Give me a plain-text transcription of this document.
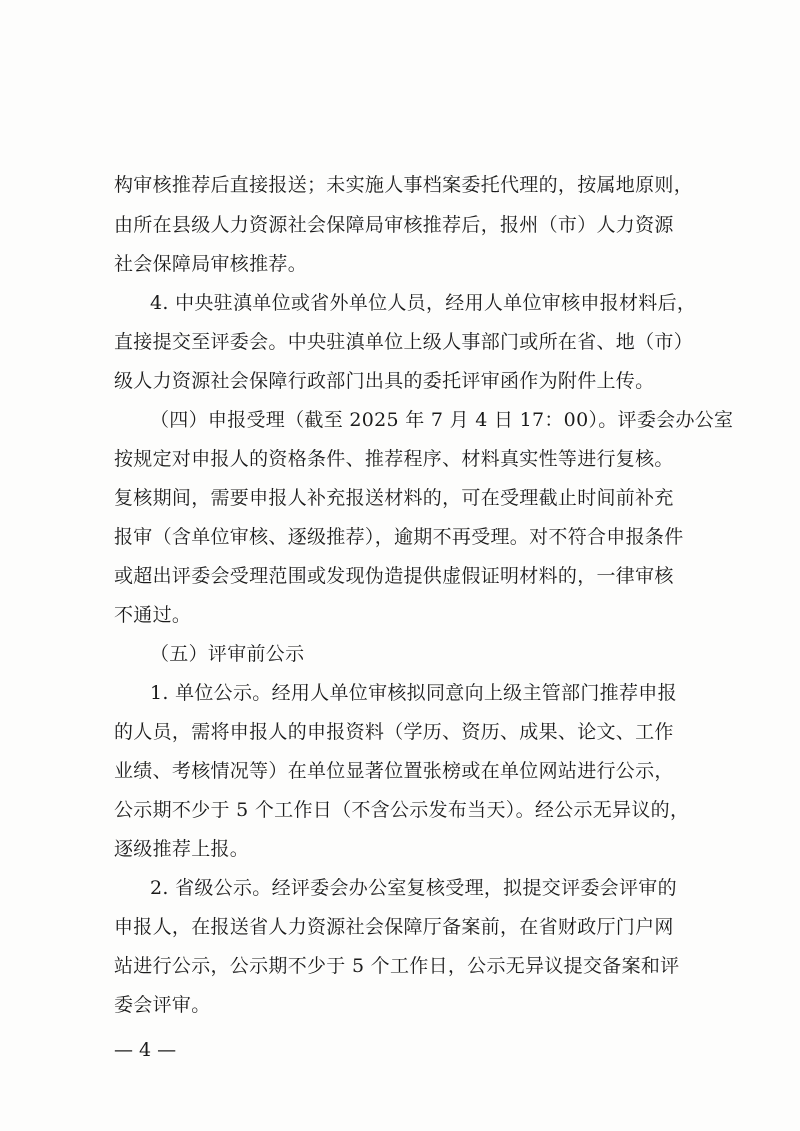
构审核推荐后直接报送；未实施人事档案委托代理的，按属地原则，
由所在县级人力资源社会保障局审核推荐后，报州（市）人力资源
社会保障局审核推荐。
4. 中央驻滇单位或省外单位人员，经用人单位审核申报材料后，
直接提交至评委会。中央驻滇单位上级人事部门或所在省、地（市）
级人力资源社会保障行政部门出具的委托评审函作为附件上传。
（四）申报受理（截至 2025 年 7 月 4 日 17：00）。评委会办公室
按规定对申报人的资格条件、推荐程序、材料真实性等进行复核。
复核期间，需要申报人补充报送材料的，可在受理截止时间前补充
报审（含单位审核、逐级推荐），逾期不再受理。对不符合申报条件
或超出评委会受理范围或发现伪造提供虚假证明材料的，一律审核
不通过。
（五）评审前公示
1. 单位公示。经用人单位审核拟同意向上级主管部门推荐申报
的人员，需将申报人的申报资料（学历、资历、成果、论文、工作
业绩、考核情况等）在单位显著位置张榜或在单位网站进行公示，
公示期不少于 5 个工作日（不含公示发布当天）。经公示无异议的，
逐级推荐上报。
2. 省级公示。经评委会办公室复核受理，拟提交评委会评审的
申报人，在报送省人力资源社会保障厅备案前，在省财政厅门户网
站进行公示，公示期不少于 5 个工作日，公示无异议提交备案和评
委会评审。
— 4 —
